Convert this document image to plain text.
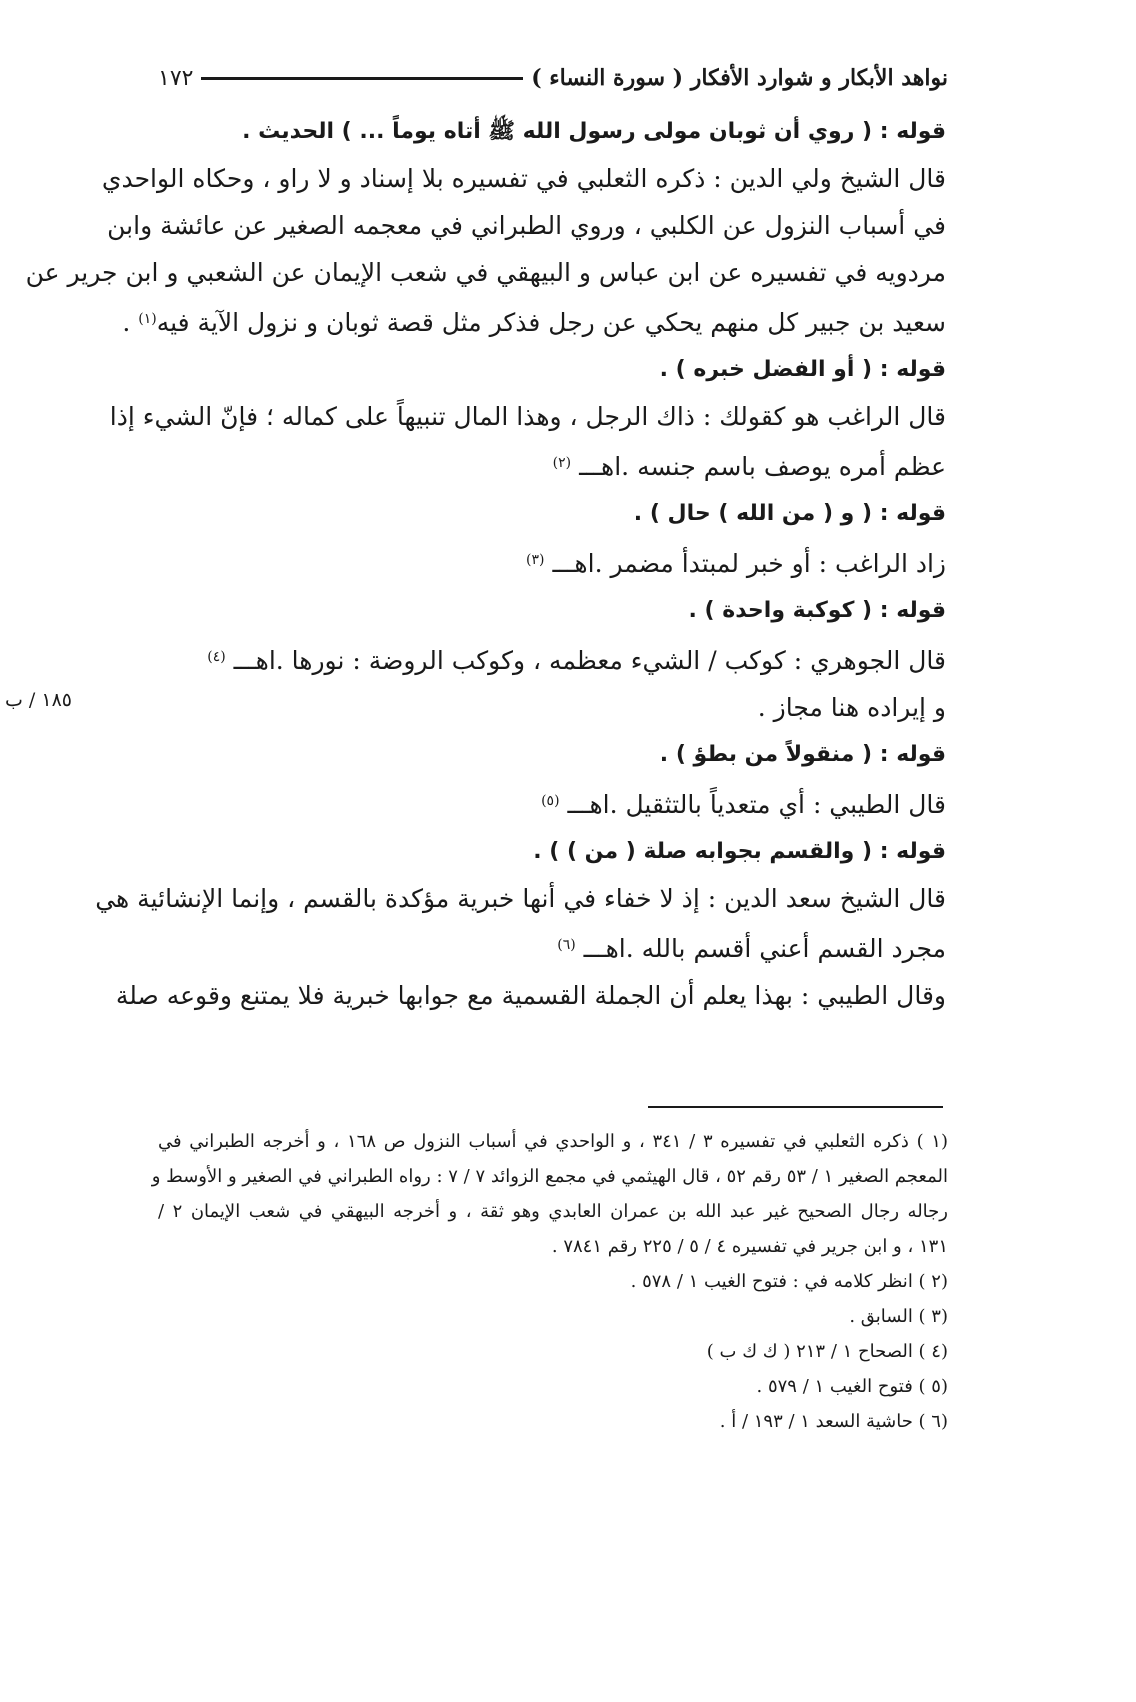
نواهد الأبكار و شوارد الأفكار ( سورة النساء )
١٧٢
١٨٥ / ب
قوله : ( روي أن ثوبان مولى رسول الله ﷺ أتاه يوماً ... ) الحديث .
قال الشيخ ولي الدين : ذكره الثعلبي في تفسيره بلا إسناد و لا راو ، وحكاه الواحدي
في أسباب النزول عن الكلبي ، وروي الطبراني في معجمه الصغير عن عائشة وابن
مردويه في تفسيره عن ابن عباس و البيهقي في شعب الإيمان عن الشعبي و ابن جرير عن
سعيد بن جبير كل منهم يحكي عن رجل فذكر مثل قصة ثوبان و نزول الآية فيه$^{(١)}$ .
قوله : ( أو الفضل خبره ) .
قال الراغب هو كقولك : ذاك الرجل ، وهذا المال تنبيهاً على كماله ؛ فإنّ الشيء إذا
عظم أمره يوصف باسم جنسه .اهـــ $^{(٢)}$
قوله : ( و ( من الله ) حال ) .
زاد الراغب : أو خبر لمبتدأ مضمر .اهـــ $^{(٣)}$
قوله : ( كوكبة واحدة ) .
قال الجوهري : كوكب / الشيء معظمه ، وكوكب الروضة : نورها .اهـــ $^{(٤)}$
و إيراده هنا مجاز .
قوله : ( منقولاً من بطؤ ) .
قال الطيبي : أي متعدياً بالتثقيل .اهـــ $^{(٥)}$
قوله : ( والقسم بجوابه صلة ( من ) ) .
قال الشيخ سعد الدين : إذ لا خفاء في أنها خبرية مؤكدة بالقسم ، وإنما الإنشائية هي
مجرد القسم أعني أقسم بالله .اهـــ $^{(٦)}$
وقال الطيبي : بهذا يعلم أن الجملة القسمية مع جوابها خبرية فلا يمتنع وقوعه صلة
(١ ) ذكره الثعلبي في تفسيره ٣ / ٣٤١ ، و الواحدي في أسباب النزول ص ١٦٨ ، و أخرجه الطبراني في
المعجم الصغير ١ / ٥٣ رقم ٥٢ ، قال الهيثمي في مجمع الزوائد ٧ / ٧ : رواه الطبراني في الصغير و الأوسط و
رجاله رجال الصحيح غير عبد الله بن عمران العابدي وهو ثقة ، و أخرجه البيهقي في شعب الإيمان ٢ /
١٣١ ، و ابن جرير في تفسيره ٤ / ٥ / ٢٢٥ رقم ٧٨٤١ .
(٢ ) انظر كلامه في : فتوح الغيب ١ / ٥٧٨ .
(٣ ) السابق .
(٤ ) الصحاح ١ / ٢١٣ ( ك ك ب )
(٥ ) فتوح الغيب ١ / ٥٧٩ .
(٦ ) حاشية السعد ١ / ١٩٣ / أ .
